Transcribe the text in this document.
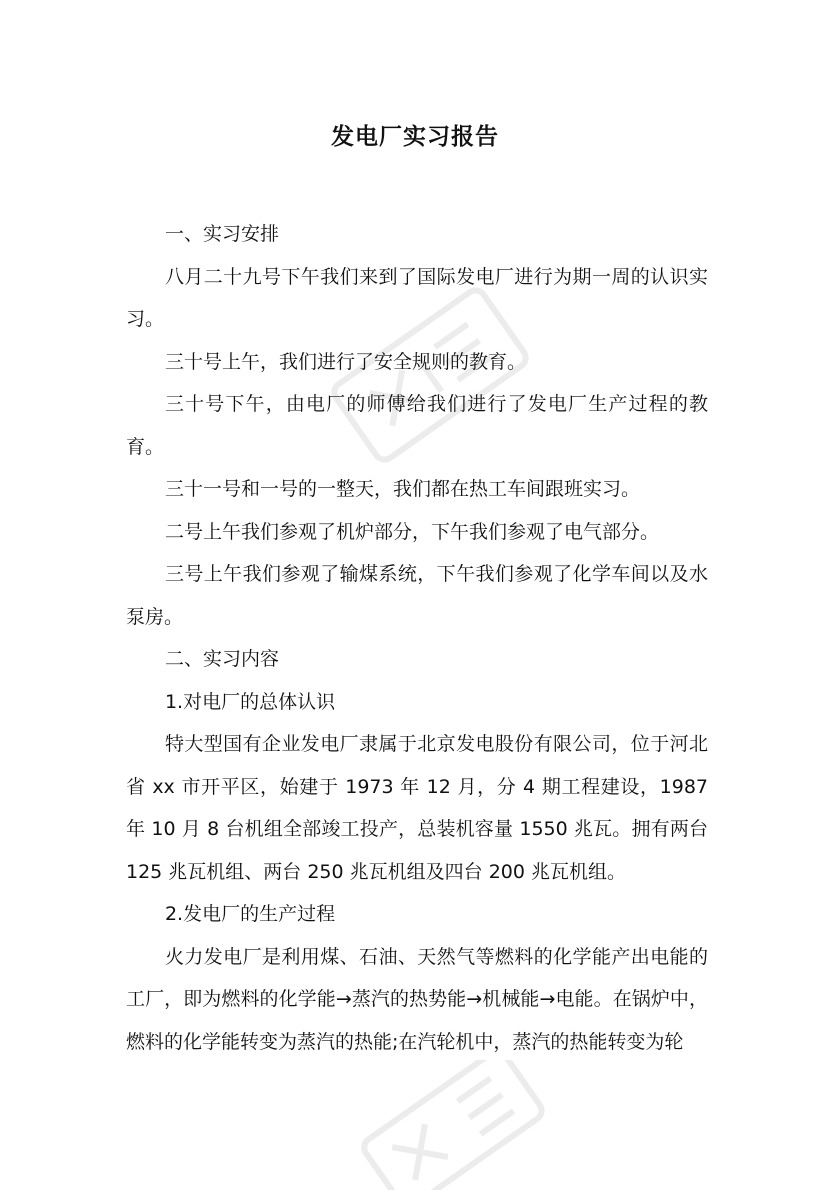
发电厂实习报告

一、实习安排

八月二十九号下午我们来到了国际发电厂进行为期一周的认识实习。

三十号上午，我们进行了安全规则的教育。

三十号下午，由电厂的师傅给我们进行了发电厂生产过程的教育。

三十一号和一号的一整天，我们都在热工车间跟班实习。

二号上午我们参观了机炉部分，下午我们参观了电气部分。

三号上午我们参观了输煤系统，下午我们参观了化学车间以及水泵房。

二、实习内容

1.对电厂的总体认识

特大型国有企业发电厂隶属于北京发电股份有限公司，位于河北省 xx 市开平区，始建于 1973 年 12 月，分 4 期工程建设，1987 年 10 月 8 台机组全部竣工投产，总装机容量 1550 兆瓦。拥有两台 125 兆瓦机组、两台 250 兆瓦机组及四台 200 兆瓦机组。

2.发电厂的生产过程

火力发电厂是利用煤、石油、天然气等燃料的化学能产出电能的工厂，即为燃料的化学能→蒸汽的热势能→机械能→电能。在锅炉中，燃料的化学能转变为蒸汽的热能;在汽轮机中，蒸汽的热能转变为轮
